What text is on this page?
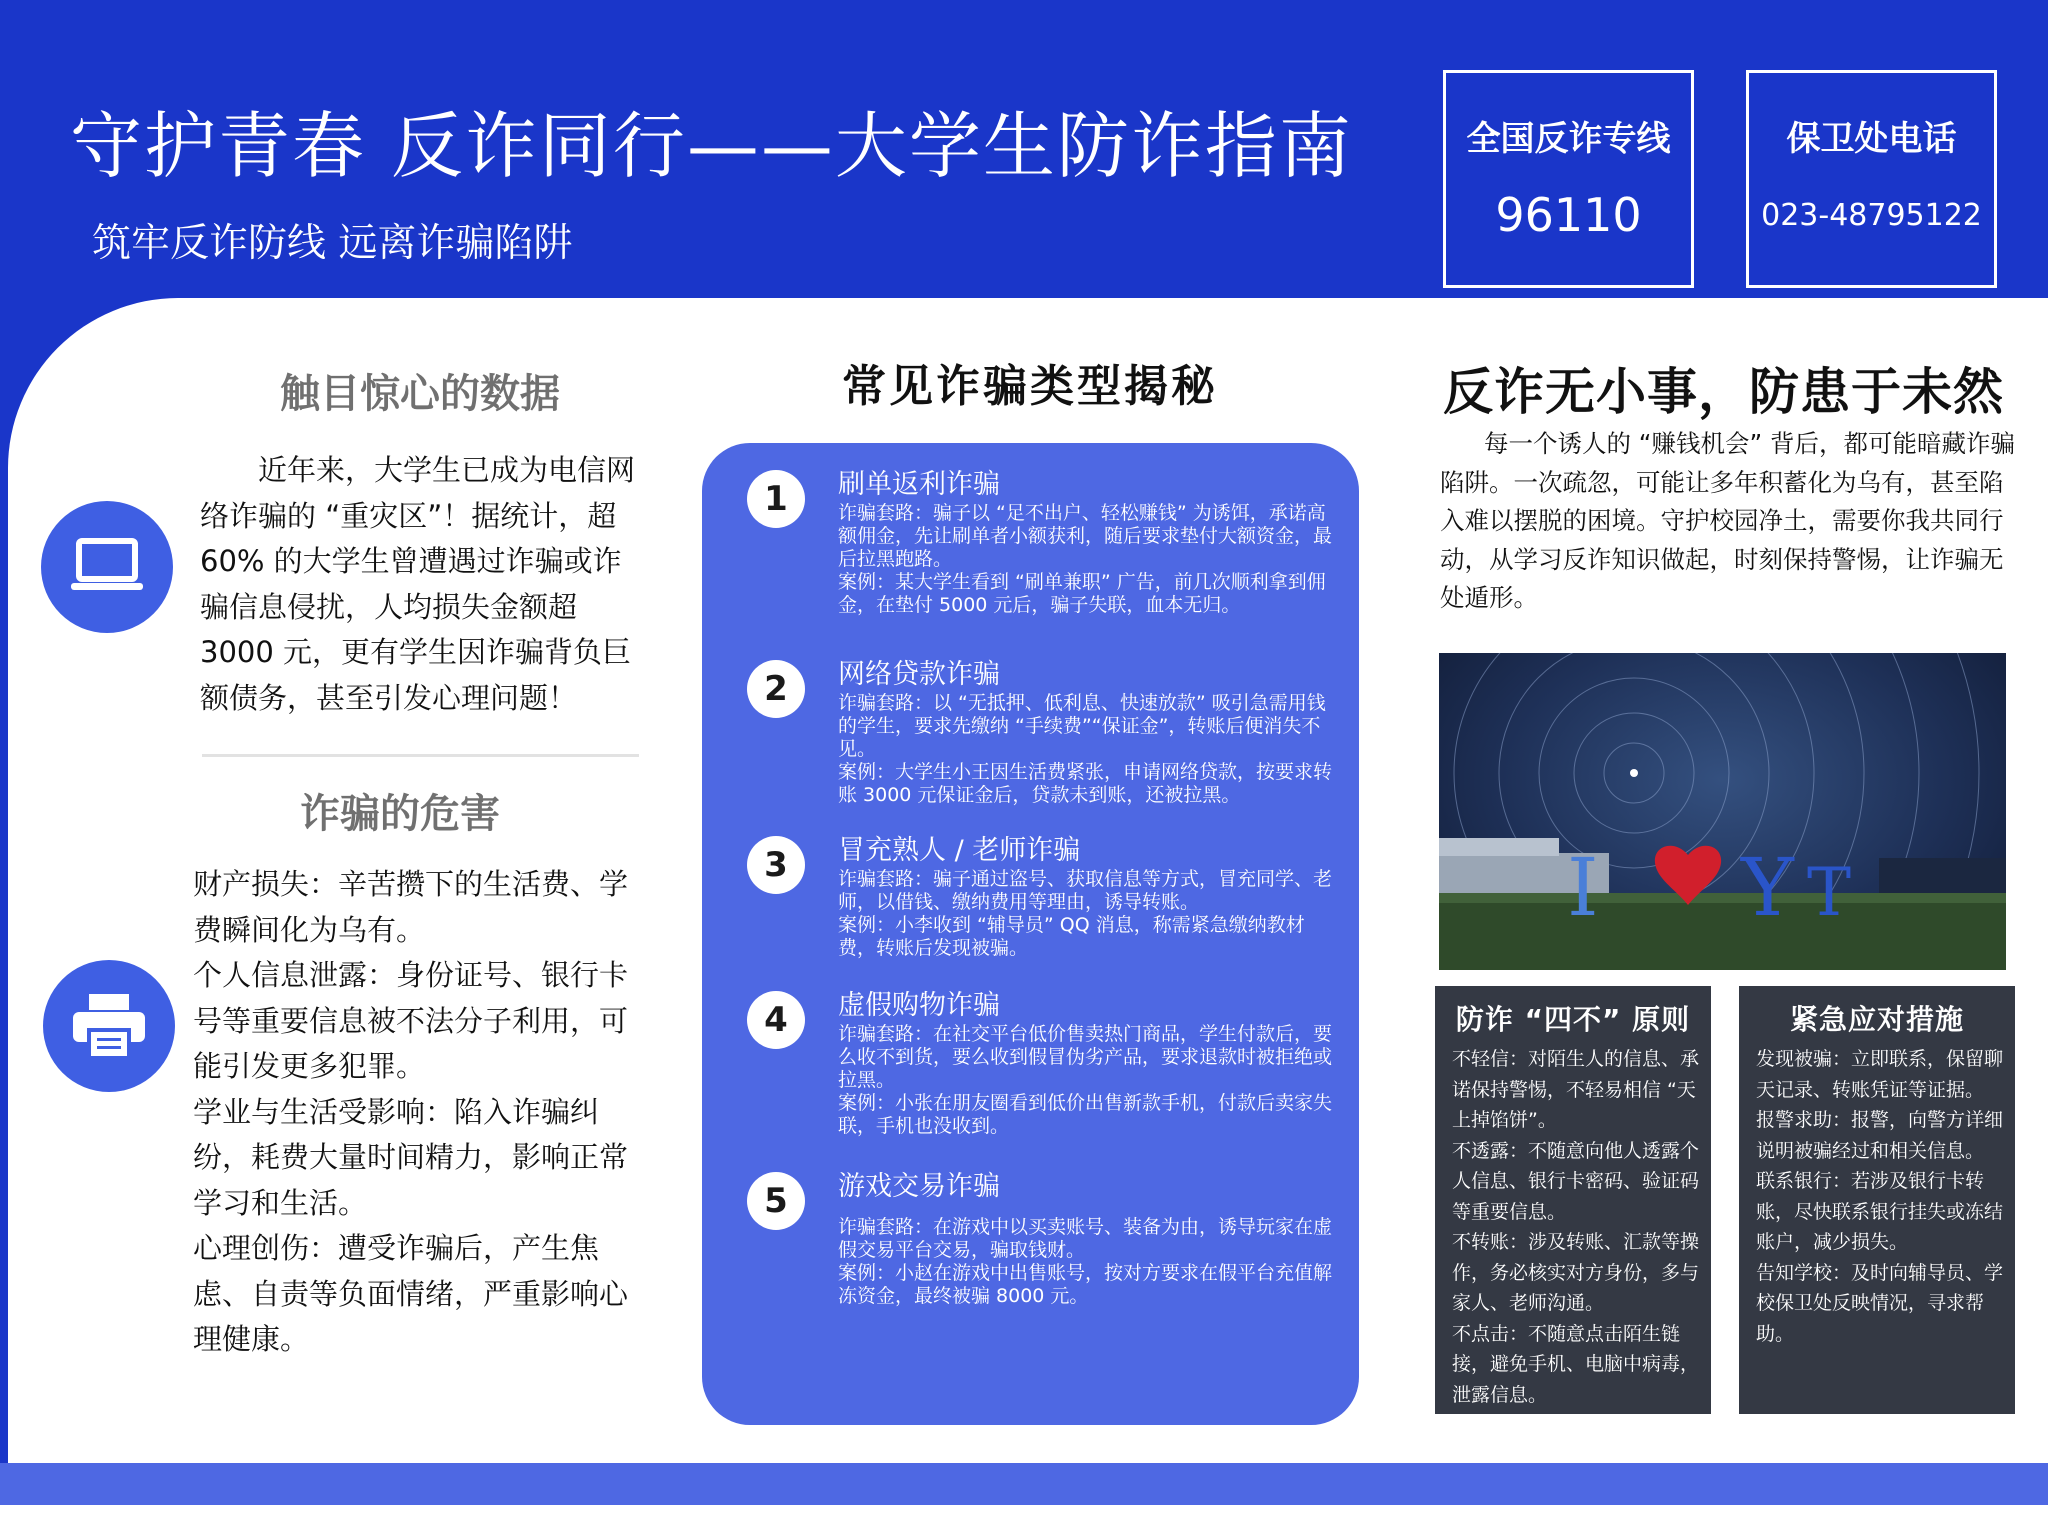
守护青春 反诈同行——大学生防诈指南
筑牢反诈防线 远离诈骗陷阱
全国反诈专线
96110
保卫处电话
023-48795122
触目惊心的数据
近年来，大学生已成为电信网络诈骗的 “重灾区”！据统计，超 60% 的大学生曾遭遇过诈骗或诈骗信息侵扰，人均损失金额超 3000 元，更有学生因诈骗背负巨额债务，甚至引发心理问题！
诈骗的危害
财产损失：辛苦攒下的生活费、学费瞬间化为乌有。
个人信息泄露：身份证号、银行卡号等重要信息被不法分子利用，可能引发更多犯罪。
学业与生活受影响：陷入诈骗纠纷，耗费大量时间精力，影响正常学习和生活。
心理创伤：遭受诈骗后，产生焦虑、自责等负面情绪，严重影响心理健康。
常见诈骗类型揭秘
1	刷单返利诈骗
诈骗套路：骗子以 “足不出户、轻松赚钱” 为诱饵，承诺高额佣金，先让刷单者小额获利，随后要求垫付大额资金，最后拉黑跑路。
案例：某大学生看到 “刷单兼职” 广告，前几次顺利拿到佣金，在垫付 5000 元后，骗子失联，血本无归。
2	网络贷款诈骗
诈骗套路：以 “无抵押、低利息、快速放款” 吸引急需用钱的学生，要求先缴纳 “手续费”“保证金”，转账后便消失不见。
案例：大学生小王因生活费紧张，申请网络贷款，按要求转账 3000 元保证金后，贷款未到账，还被拉黑。
3	冒充熟人 / 老师诈骗
诈骗套路：骗子通过盗号、获取信息等方式，冒充同学、老师，以借钱、缴纳费用等理由，诱导转账。
案例：小李收到 “辅导员” QQ 消息，称需紧急缴纳教材费，转账后发现被骗。
4	虚假购物诈骗
诈骗套路：在社交平台低价售卖热门商品，学生付款后，要么收不到货，要么收到假冒伪劣产品，要求退款时被拒绝或拉黑。
案例：小张在朋友圈看到低价出售新款手机，付款后卖家失联，手机也没收到。
5	游戏交易诈骗
诈骗套路：在游戏中以买卖账号、装备为由，诱导玩家在虚假交易平台交易，骗取钱财。
案例：小赵在游戏中出售账号，按对方要求在假平台充值解冻资金，最终被骗 8000 元。
反诈无小事，防患于未然
每一个诱人的 “赚钱机会” 背后，都可能暗藏诈骗陷阱。一次疏忽，可能让多年积蓄化为乌有，甚至陷入难以摆脱的困境。守护校园净土，需要你我共同行动，从学习反诈知识做起，时刻保持警惕，让诈骗无处遁形。
I Y T
防诈 “四不” 原则

不轻信：对陌生人的信息、承诺保持警惕，不轻易相信 “天上掉馅饼”。

不透露：不随意向他人透露个人信息、银行卡密码、验证码等重要信息。

不转账：涉及转账、汇款等操作，务必核实对方身份，多与家人、老师沟通。

不点击：不随意点击陌生链接，避免手机、电脑中病毒，泄露信息。

紧急应对措施

发现被骗：立即联系，保留聊天记录、转账凭证等证据。

报警求助：报警，向警方详细说明被骗经过和相关信息。

联系银行：若涉及银行卡转账，尽快联系银行挂失或冻结账户，减少损失。

告知学校：及时向辅导员、学校保卫处反映情况，寻求帮助。
